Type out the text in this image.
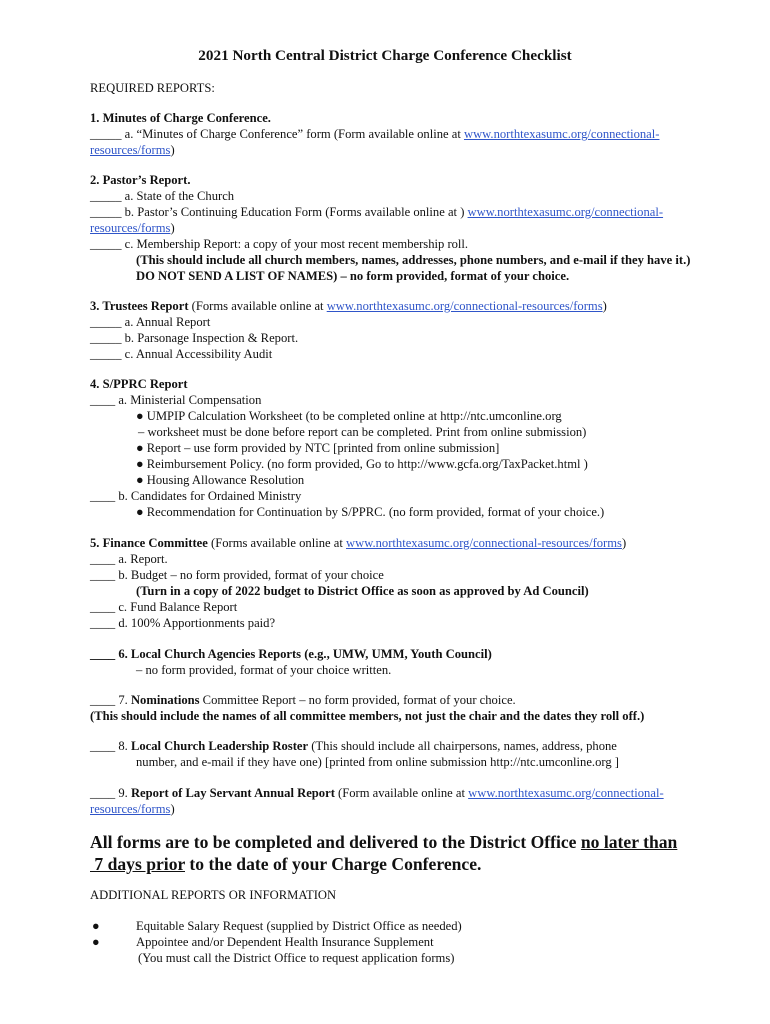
2021 North Central District Charge Conference Checklist
REQUIRED REPORTS:
1. Minutes of Charge Conference.
_____ a. “Minutes of Charge Conference” form (Form available online at www.northtexasumc.org/connectional-
resources/forms)
2. Pastor’s Report.
_____ a. State of the Church
_____ b. Pastor’s Continuing Education Form (Forms available online at ) www.northtexasumc.org/connectional-
resources/forms)
_____ c. Membership Report: a copy of your most recent membership roll.
(This should include all church members, names, addresses, phone numbers, and e-mail if they have it.)
DO NOT SEND A LIST OF NAMES) – no form provided, format of your choice.
3. Trustees Report (Forms available online at www.northtexasumc.org/connectional-resources/forms)
_____ a. Annual Report
_____ b. Parsonage Inspection & Report.
_____ c. Annual Accessibility Audit
4. S/PPRC Report
____ a. Ministerial Compensation
● UMPIP Calculation Worksheet (to be completed online at http://ntc.umconline.org
– worksheet must be done before report can be completed. Print from online submission)
● Report – use form provided by NTC [printed from online submission]
● Reimbursement Policy. (no form provided, Go to http://www.gcfa.org/TaxPacket.html )
● Housing Allowance Resolution
____ b. Candidates for Ordained Ministry
● Recommendation for Continuation by S/PPRC. (no form provided, format of your choice.)
5. Finance Committee (Forms available online at www.northtexasumc.org/connectional-resources/forms)
____ a. Report.
____ b. Budget – no form provided, format of your choice
(Turn in a copy of 2022 budget to District Office as soon as approved by Ad Council)
____ c. Fund Balance Report
____ d. 100% Apportionments paid?
____ 6. Local Church Agencies Reports (e.g., UMW, UMM, Youth Council)
– no form provided, format of your choice written.
____ 7. Nominations Committee Report – no form provided, format of your choice.
(This should include the names of all committee members, not just the chair and the dates they roll off.)
____ 8. Local Church Leadership Roster (This should include all chairpersons, names, address, phone
number, and e-mail if they have one) [printed from online submission http://ntc.umconline.org ]
____ 9. Report of Lay Servant Annual Report (Form available online at www.northtexasumc.org/connectional-
resources/forms)
All forms are to be completed and delivered to the District Office no later than
7 days prior to the date of your Charge Conference.
ADDITIONAL REPORTS OR INFORMATION
●	Equitable Salary Request (supplied by District Office as needed)
●	Appointee and/or Dependent Health Insurance Supplement
(You must call the District Office to request application forms)
